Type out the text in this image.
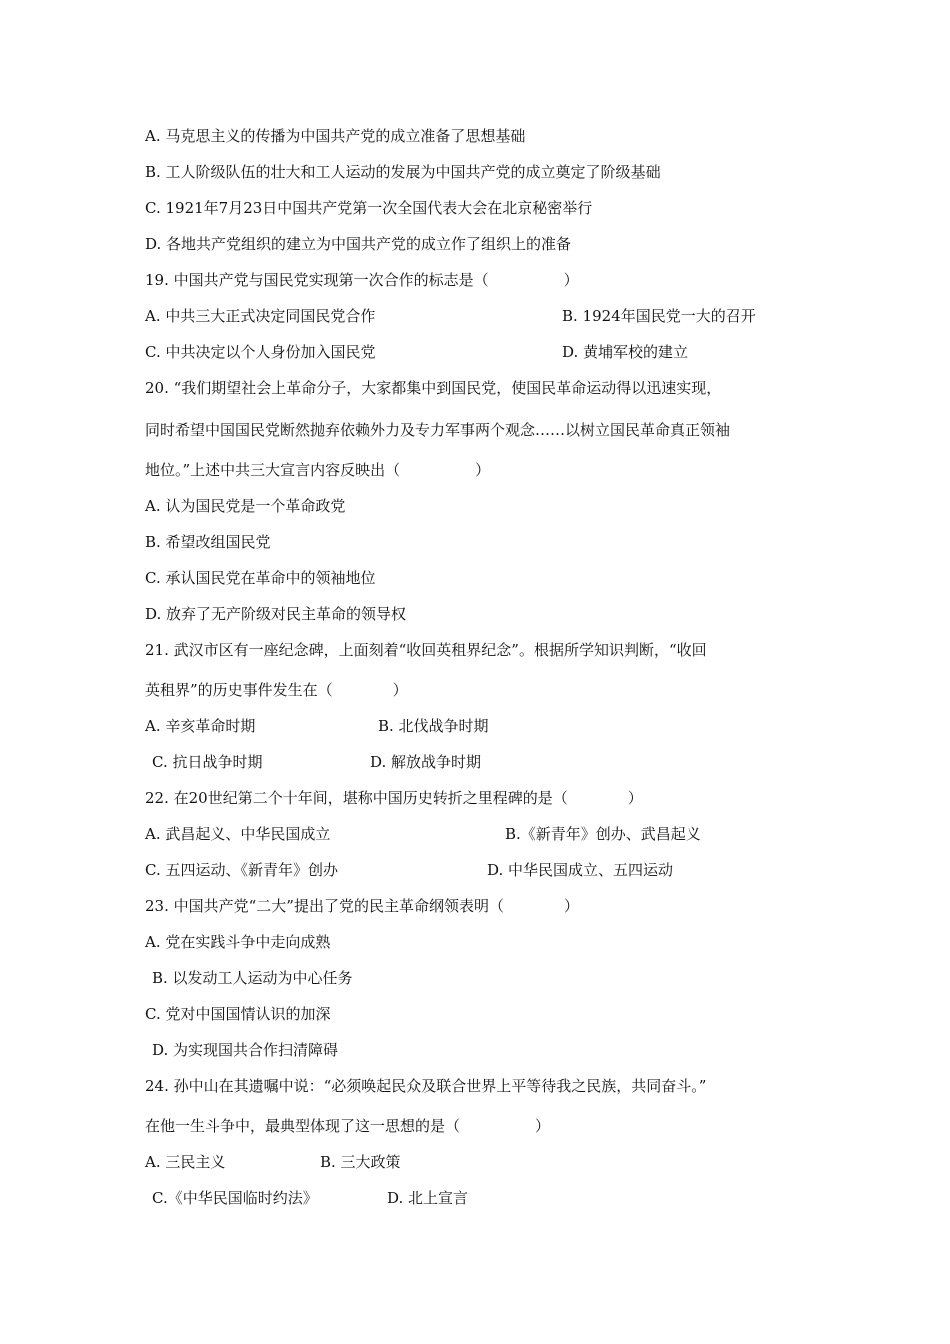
A. 马克思主义的传播为中国共产党的成立准备了思想基础
B. 工人阶级队伍的壮大和工人运动的发展为中国共产党的成立奠定了阶级基础
C. 1921年7月23日中国共产党第一次全国代表大会在北京秘密举行
D. 各地共产党组织的建立为中国共产党的成立作了组织上的准备
19. 中国共产党与国民党实现第一次合作的标志是（　　　　　）
A. 中共三大正式决定同国民党合作	B. 1924年国民党一大的召开
C. 中共决定以个人身份加入国民党	D. 黄埔军校的建立
20. “我们期望社会上革命分子，大家都集中到国民党，使国民革命运动得以迅速实现，
同时希望中国国民党断然抛弃依赖外力及专力军事两个观念……以树立国民革命真正领袖
地位。”上述中共三大宣言内容反映出（　　　　　）
A. 认为国民党是一个革命政党
B. 希望改组国民党
C. 承认国民党在革命中的领袖地位
D. 放弃了无产阶级对民主革命的领导权
21. 武汉市区有一座纪念碑，上面刻着“收回英租界纪念”。根据所学知识判断，“收回
英租界”的历史事件发生在（　　　　）
A. 辛亥革命时期	B. 北伐战争时期
C. 抗日战争时期	D. 解放战争时期
22. 在20世纪第二个十年间，堪称中国历史转折之里程碑的是（　　　　）
A. 武昌起义、中华民国成立	B.《新青年》创办、武昌起义
C. 五四运动、《新青年》创办	D. 中华民国成立、五四运动
23. 中国共产党“二大”提出了党的民主革命纲领表明（　　　　）
A. 党在实践斗争中走向成熟
B. 以发动工人运动为中心任务
C. 党对中国国情认识的加深
D. 为实现国共合作扫清障碍
24. 孙中山在其遗嘱中说：“必须唤起民众及联合世界上平等待我之民族，共同奋斗。”
在他一生斗争中，最典型体现了这一思想的是（　　　　　）
A. 三民主义	B. 三大政策
C.《中华民国临时约法》	D. 北上宣言
